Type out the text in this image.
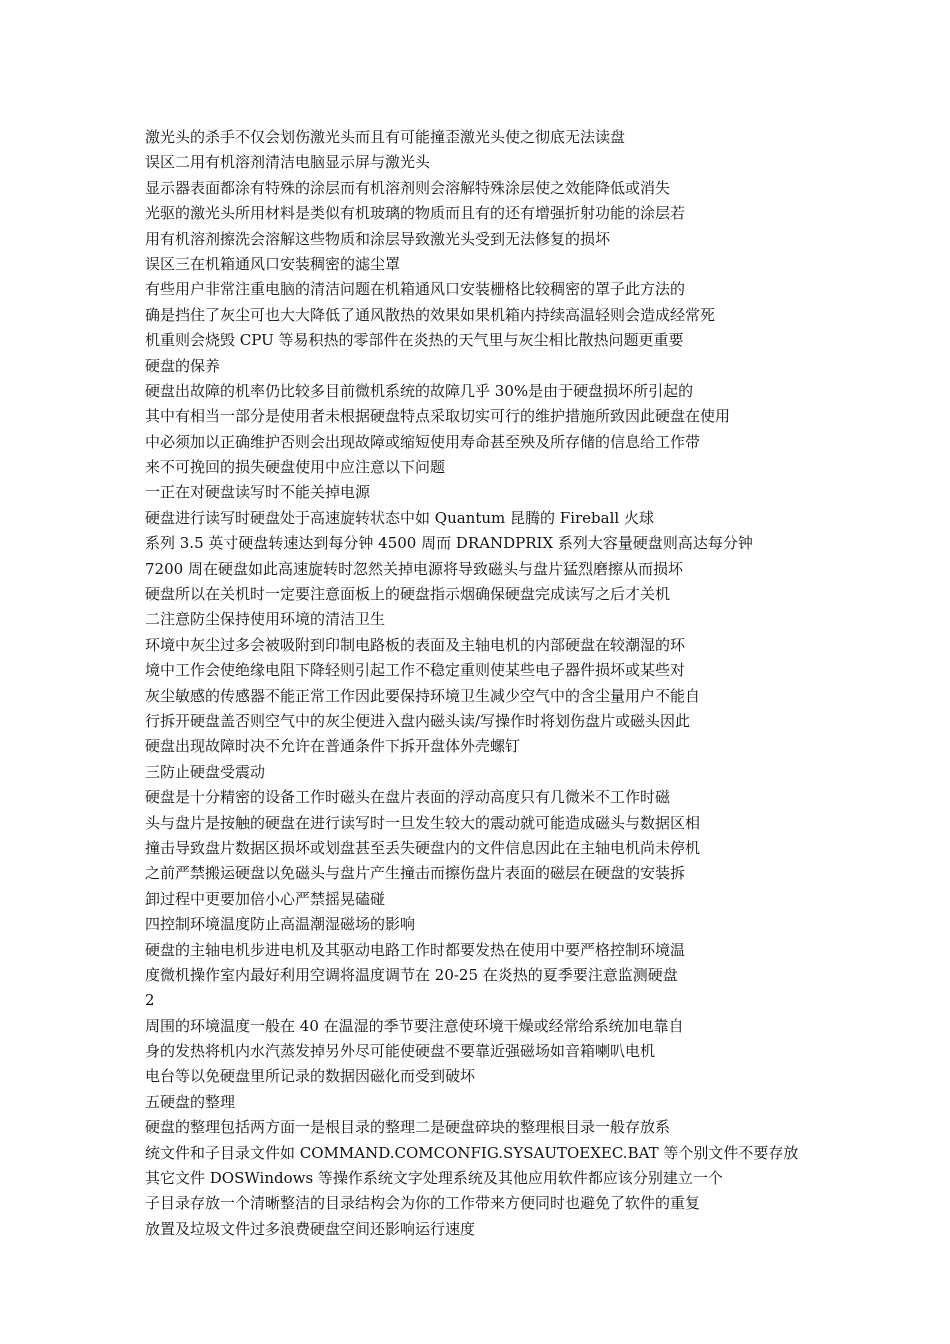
激光头的杀手不仅会划伤激光头而且有可能撞歪激光头使之彻底无法读盘
误区二用有机溶剂清洁电脑显示屏与激光头
显示器表面都涂有特殊的涂层而有机溶剂则会溶解特殊涂层使之效能降低或消失
光驱的激光头所用材料是类似有机玻璃的物质而且有的还有增强折射功能的涂层若
用有机溶剂擦洗会溶解这些物质和涂层导致激光头受到无法修复的损坏
误区三在机箱通风口安装稠密的滤尘罩
有些用户非常注重电脑的清洁问题在机箱通风口安装栅格比较稠密的罩子此方法的
确是挡住了灰尘可也大大降低了通风散热的效果如果机箱内持续高温轻则会造成经常死
机重则会烧毁 CPU 等易积热的零部件在炎热的天气里与灰尘相比散热问题更重要
硬盘的保养
硬盘出故障的机率仍比较多目前微机系统的故障几乎 30%是由于硬盘损坏所引起的
其中有相当一部分是使用者未根据硬盘特点采取切实可行的维护措施所致因此硬盘在使用
中必须加以正确维护否则会出现故障或缩短使用寿命甚至殃及所存储的信息给工作带
来不可挽回的损失硬盘使用中应注意以下问题
一正在对硬盘读写时不能关掉电源
硬盘进行读写时硬盘处于高速旋转状态中如 Quantum 昆腾的 Fireball 火球
系列 3.5 英寸硬盘转速达到每分钟 4500 周而 DRANDPRIX 系列大容量硬盘则高达每分钟
7200 周在硬盘如此高速旋转时忽然关掉电源将导致磁头与盘片猛烈磨擦从而损坏
硬盘所以在关机时一定要注意面板上的硬盘指示烟确保硬盘完成读写之后才关机
二注意防尘保持使用环境的清洁卫生
环境中灰尘过多会被吸附到印制电路板的表面及主轴电机的内部硬盘在较潮湿的环
境中工作会使绝缘电阻下降轻则引起工作不稳定重则使某些电子器件损坏或某些对
灰尘敏感的传感器不能正常工作因此要保持环境卫生减少空气中的含尘量用户不能自
行拆开硬盘盖否则空气中的灰尘便进入盘内磁头读/写操作时将划伤盘片或磁头因此
硬盘出现故障时决不允许在普通条件下拆开盘体外壳螺钉
三防止硬盘受震动
硬盘是十分精密的设备工作时磁头在盘片表面的浮动高度只有几微米不工作时磁
头与盘片是按触的硬盘在进行读写时一旦发生较大的震动就可能造成磁头与数据区相
撞击导致盘片数据区损坏或划盘甚至丢失硬盘内的文件信息因此在主轴电机尚未停机
之前严禁搬运硬盘以免磁头与盘片产生撞击而擦伤盘片表面的磁层在硬盘的安装拆
卸过程中更要加倍小心严禁摇晃磕碰
四控制环境温度防止高温潮湿磁场的影响
硬盘的主轴电机步进电机及其驱动电路工作时都要发热在使用中要严格控制环境温
度微机操作室内最好利用空调将温度调节在 20-25 在炎热的夏季要注意监测硬盘
2
周围的环境温度一般在 40 在温湿的季节要注意使环境干燥或经常给系统加电靠自
身的发热将机内水汽蒸发掉另外尽可能使硬盘不要靠近强磁场如音箱喇叭电机
电台等以免硬盘里所记录的数据因磁化而受到破坏
五硬盘的整理
硬盘的整理包括两方面一是根目录的整理二是硬盘碎块的整理根目录一般存放系
统文件和子目录文件如 COMMAND.COMCONFIG.SYSAUTOEXEC.BAT 等个别文件不要存放
其它文件 DOSWindows 等操作系统文字处理系统及其他应用软件都应该分别建立一个
子目录存放一个清晰整洁的目录结构会为你的工作带来方便同时也避免了软件的重复
放置及垃圾文件过多浪费硬盘空间还影响运行速度
